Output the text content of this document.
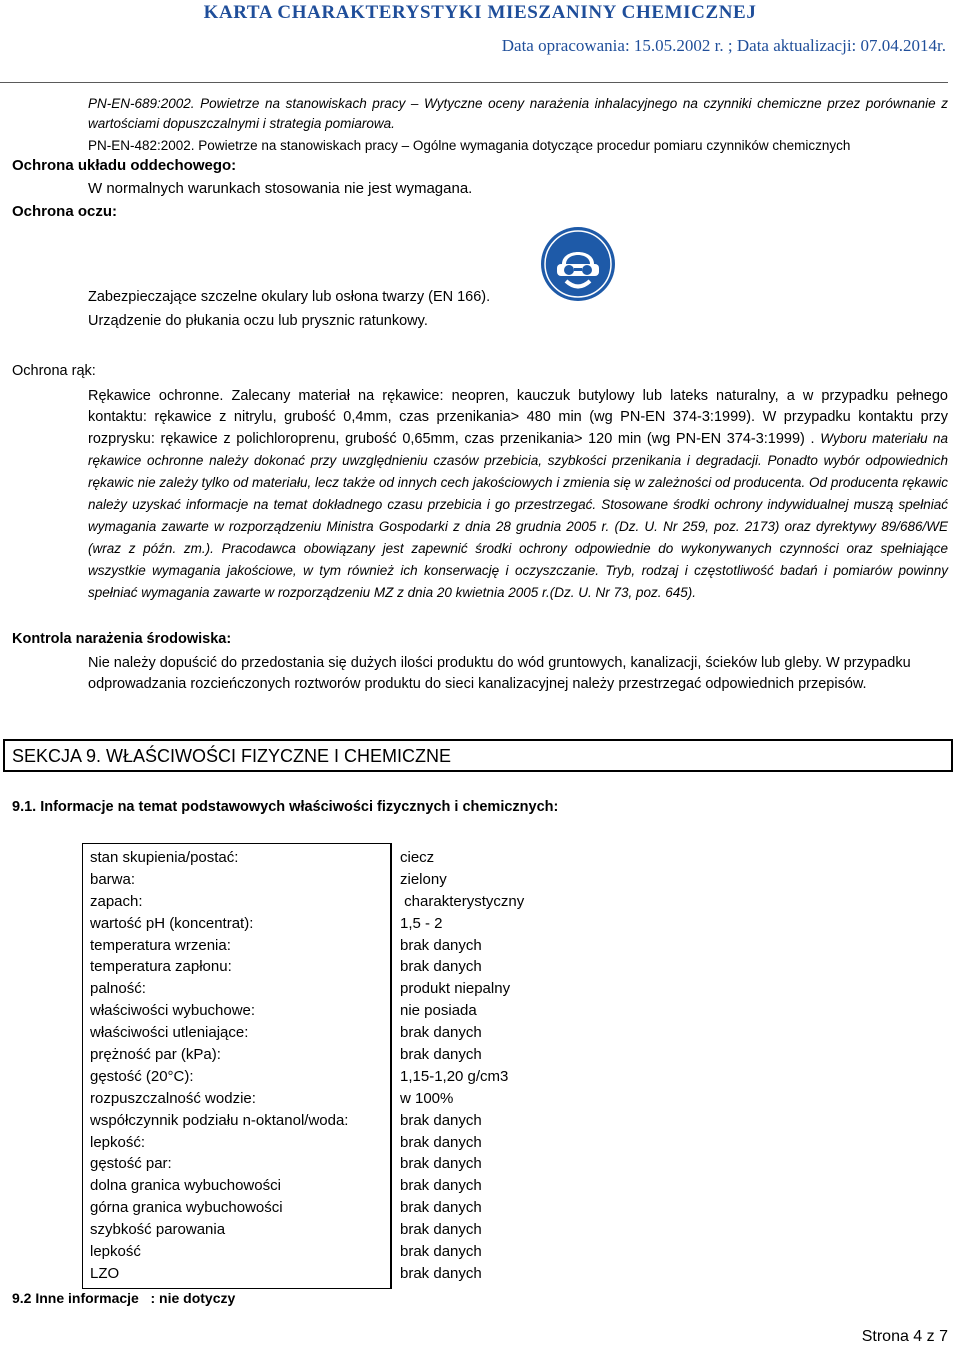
KARTA CHARAKTERYSTYKI MIESZANINY CHEMICZNEJ
Data opracowania: 15.05.2002 r. ; Data aktualizacji: 07.04.2014r.
PN-EN-689:2002. Powietrze na stanowiskach pracy – Wytyczne oceny narażenia inhalacyjnego na czynniki chemiczne przez porównanie z wartościami dopuszczalnymi i strategia pomiarowa.
PN-EN-482:2002. Powietrze na stanowiskach pracy – Ogólne wymagania dotyczące procedur pomiaru czynników chemicznych
Ochrona układu oddechowego:
W normalnych warunkach stosowania nie jest wymagana.
Ochrona oczu:
Zabezpieczające szczelne okulary lub osłona twarzy (EN 166).
Urządzenie do płukania oczu lub prysznic ratunkowy.
Ochrona rąk:
Rękawice ochronne. Zalecany materiał na rękawice: neopren, kauczuk butylowy lub lateks naturalny, a w przypadku pełnego kontaktu: rękawice z nitrylu, grubość 0,4mm, czas przenikania> 480 min (wg PN-EN 374-3:1999). W przypadku kontaktu przy rozprysku: rękawice z polichloroprenu, grubość 0,65mm, czas przenikania> 120 min (wg PN-EN 374-3:1999) . Wyboru materiału na rękawice ochronne należy dokonać przy uwzględnieniu czasów przebicia, szybkości przenikania i degradacji. Ponadto wybór odpowiednich rękawic nie zależy tylko od materiału, lecz także od innych cech jakościowych i zmienia się w zależności od producenta. Od producenta rękawic należy uzyskać informacje na temat dokładnego czasu przebicia i go przestrzegać. Stosowane środki ochrony indywidualnej muszą spełniać wymagania zawarte w rozporządzeniu Ministra Gospodarki z dnia 28 grudnia 2005 r. (Dz. U. Nr 259, poz. 2173) oraz dyrektywy 89/686/WE (wraz z późn. zm.). Pracodawca obowiązany jest zapewnić środki ochrony odpowiednie do wykonywanych czynności oraz spełniające wszystkie wymagania jakościowe, w tym również ich konserwację i oczyszczanie. Tryb, rodzaj i częstotliwość badań i pomiarów powinny spełniać wymagania zawarte w rozporządzeniu MZ z dnia 20 kwietnia 2005 r.(Dz. U. Nr 73, poz. 645).
Kontrola narażenia środowiska:
Nie należy dopuścić do przedostania się dużych ilości produktu do wód gruntowych, kanalizacji, ścieków lub gleby. W przypadku odprowadzania rozcieńczonych roztworów produktu do sieci kanalizacyjnej należy przestrzegać odpowiednich przepisów.
SEKCJA 9. WŁAŚCIWOŚCI FIZYCZNE I CHEMICZNE
9.1. Informacje na temat podstawowych właściwości fizycznych i chemicznych:
stan skupienia/postać:
barwa:
zapach:
wartość pH (koncentrat):
temperatura wrzenia:
temperatura zapłonu:
palność:
właściwości wybuchowe:
właściwości utleniające:
prężność par (kPa):
gęstość (20°C):
rozpuszczalność wodzie:
współczynnik podziału n-oktanol/woda:
lepkość:
gęstość par:
dolna granica wybuchowości
górna granica wybuchowości
szybkość parowania
lepkość
LZO
ciecz
zielony
charakterystyczny
1,5 - 2
brak danych
brak danych
produkt niepalny
nie posiada
brak danych
brak danych
1,15-1,20 g/cm3
w 100%
brak danych
brak danych
brak danych
brak danych
brak danych
brak danych
brak danych
brak danych
9.2 Inne informacje   : nie dotyczy
Strona 4 z 7
